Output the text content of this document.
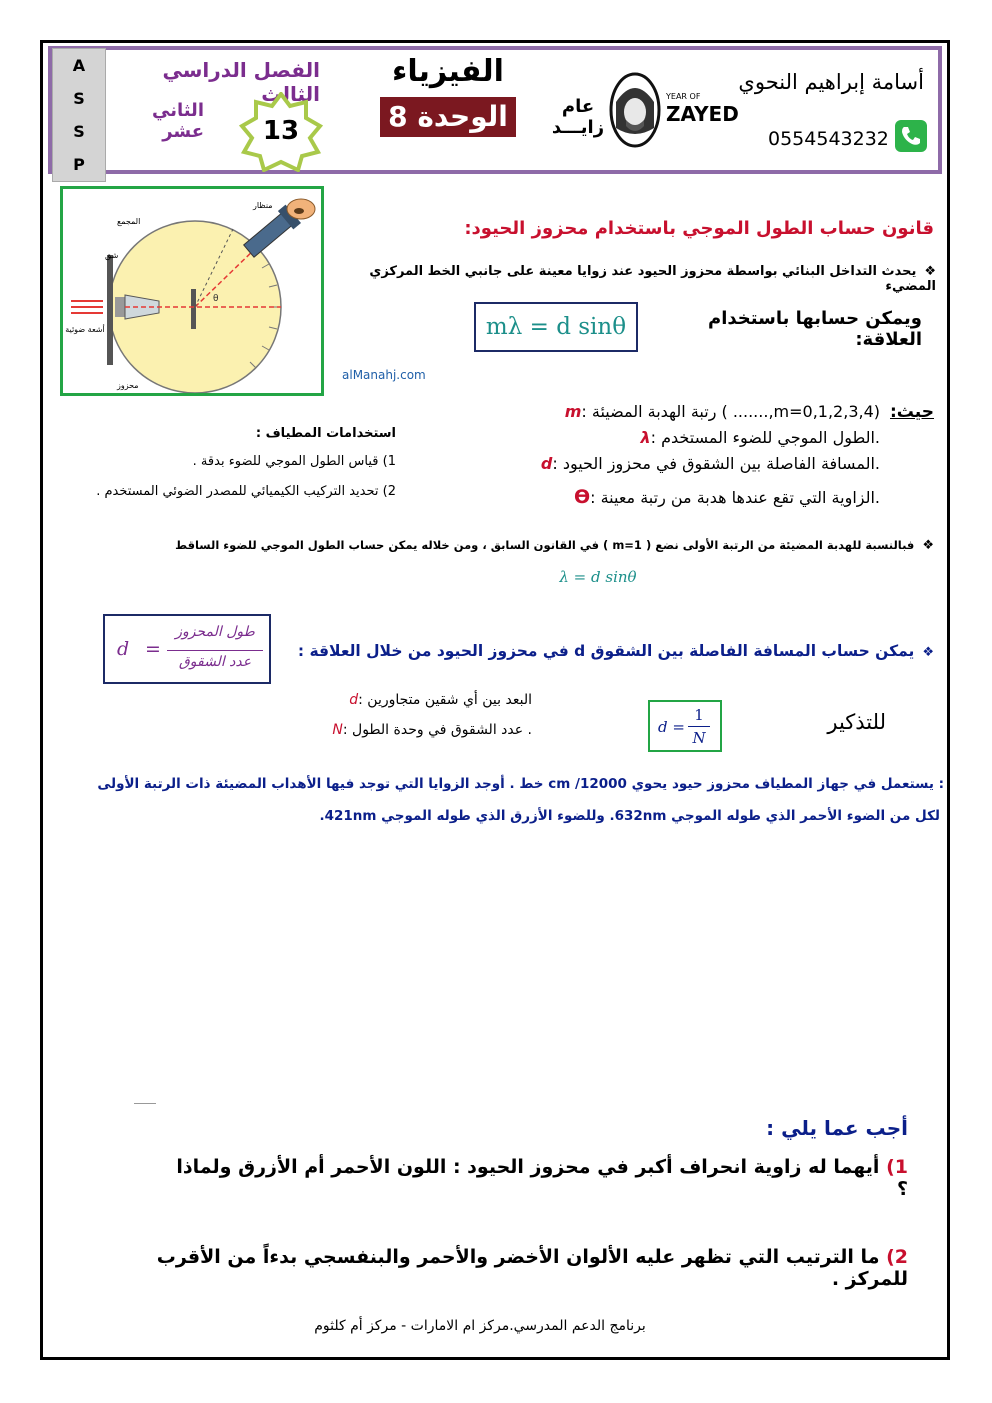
A
S
S
P
الفصل الدراسي الثالث
الثاني عشر	13
الفيزياء
الوحدة 8	عام زايـــد
YEAR OF
ZAYED
أسامة إبراهيم النحوي
0554543232
θ
منظار
المجمع
شق
أشعة ضوئية
محزوز
alManahj.com
قانون حساب الطول الموجي باستخدام محزوز الحيود:
❖ يحدث التداخل البنائي بواسطة محزوز الحيود عند زوايا معينة على جانبي الخط المركزي المضيء
mλ = d sinθ	ويمكن حسابها باستخدام العلاقة:
حيث:
m: رتبة الهدبة المضيئة ( .......,m=0,1,2,3,4)
λ: الطول الموجي للضوء المستخدم.
d: المسافة الفاصلة بين الشقوق في محزوز الحيود.
Ɵ: الزاوية التي تقع عندها هدبة من رتبة معينة.
استخدامات المطياف :
1) قياس الطول الموجي للضوء بدقة .
2) تحديد التركيب الكيميائي للمصدر الضوئي المستخدم .
❖ فبالنسبة للهدبة المضيئة من الرتبة الأولى نضع ( m=1 ) في القانون السابق ، ومن خلاله يمكن حساب الطول الموجي للضوء الساقط
λ = d sinθ
d =
طول المحزوز
عدد الشقوق
❖ يمكن حساب المسافة الفاصلة بين الشقوق d في محزوز الحيود من خلال العلاقة :
d: البعد بين أي شقين متجاورين
N: عدد الشقوق في وحدة الطول .	d =
1
N
للتذكير
: يستعمل في جهاز المطياف محزوز حيود يحوي 12000/ cm خط . أوجد الزوايا التي توجد فيها الأهداب المضيئة ذات الرتبة الأولى
لكل من الضوء الأحمر الذي طوله الموجي 632nm. وللضوء الأزرق الذي طوله الموجي 421nm.
أجب عما يلي :
1) أيهما له زاوية انحراف أكبر في محزوز الحيود : اللون الأحمر أم الأزرق ولماذا ؟
2) ما الترتيب التي تظهر عليه الألوان الأخضر والأحمر والبنفسجي بدءاً من الأقرب للمركز .
برنامج الدعم المدرسي.مركز ام الامارات - مركز أم كلثوم
